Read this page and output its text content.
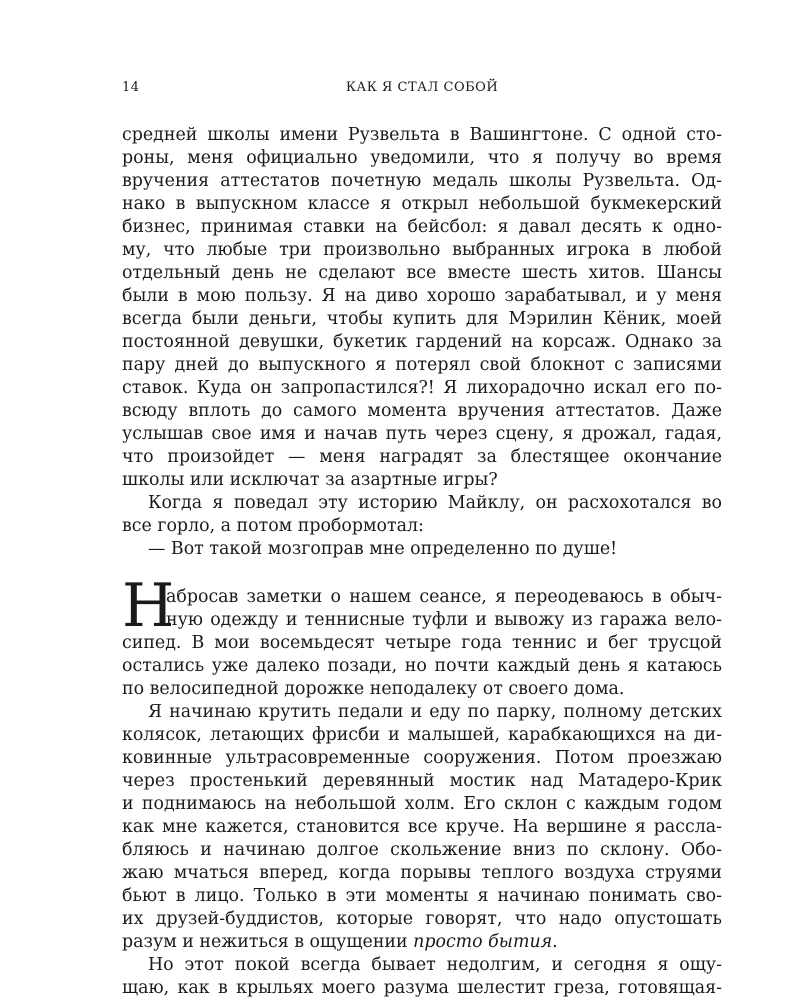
14	КАК Я СТАЛ СОБОЙ
средней школы имени Рузвельта в Вашингтоне. С одной сто-
роны, меня официально уведомили, что я получу во время
вручения аттестатов почетную медаль школы Рузвельта. Од-
нако в выпускном классе я открыл небольшой букмекерский
бизнес, принимая ставки на бейсбол: я давал десять к одно-
му, что любые три произвольно выбранных игрока в любой
отдельный день не сделают все вместе шесть хитов. Шансы
были в мою пользу. Я на диво хорошо зарабатывал, и у меня
всегда были деньги, чтобы купить для Мэрилин Кёник, моей
постоянной девушки, букетик гардений на корсаж. Однако за
пару дней до выпускного я потерял свой блокнот с записями
ставок. Куда он запропастился?! Я лихорадочно искал его по-
всюду вплоть до самого момента вручения аттестатов. Даже
услышав свое имя и начав путь через сцену, я дрожал, гадая,
что произойдет — меня наградят за блестящее окончание
школы или исключат за азартные игры?
Когда я поведал эту историю Майклу, он расхохотался во
все горло, а потом пробормотал:
— Вот такой мозгоправ мне определенно по душе!
Н
абросав заметки о нашем сеансе, я переодеваюсь в обыч-
ную одежду и теннисные туфли и вывожу из гаража вело-
сипед. В мои восемьдесят четыре года теннис и бег трусцой
остались уже далеко позади, но почти каждый день я катаюсь
по велосипедной дорожке неподалеку от своего дома.
Я начинаю крутить педали и еду по парку, полному детских
колясок, летающих фрисби и малышей, карабкающихся на ди-
ковинные ультрасовременные сооружения. Потом проезжаю
через простенький деревянный мостик над Матадеро-Крик
и поднимаюсь на небольшой холм. Его склон с каждым годом
как мне кажется, становится все круче. На вершине я рассла-
бляюсь и начинаю долгое скольжение вниз по склону. Обо-
жаю мчаться вперед, когда порывы теплого воздуха струями
бьют в лицо. Только в эти моменты я начинаю понимать сво-
их друзей-буддистов, которые говорят, что надо опустошать
разум и нежиться в ощущении просто бытия.
Но этот покой всегда бывает недолгим, и сегодня я ощу-
щаю, как в крыльях моего разума шелестит греза, готовящая-
